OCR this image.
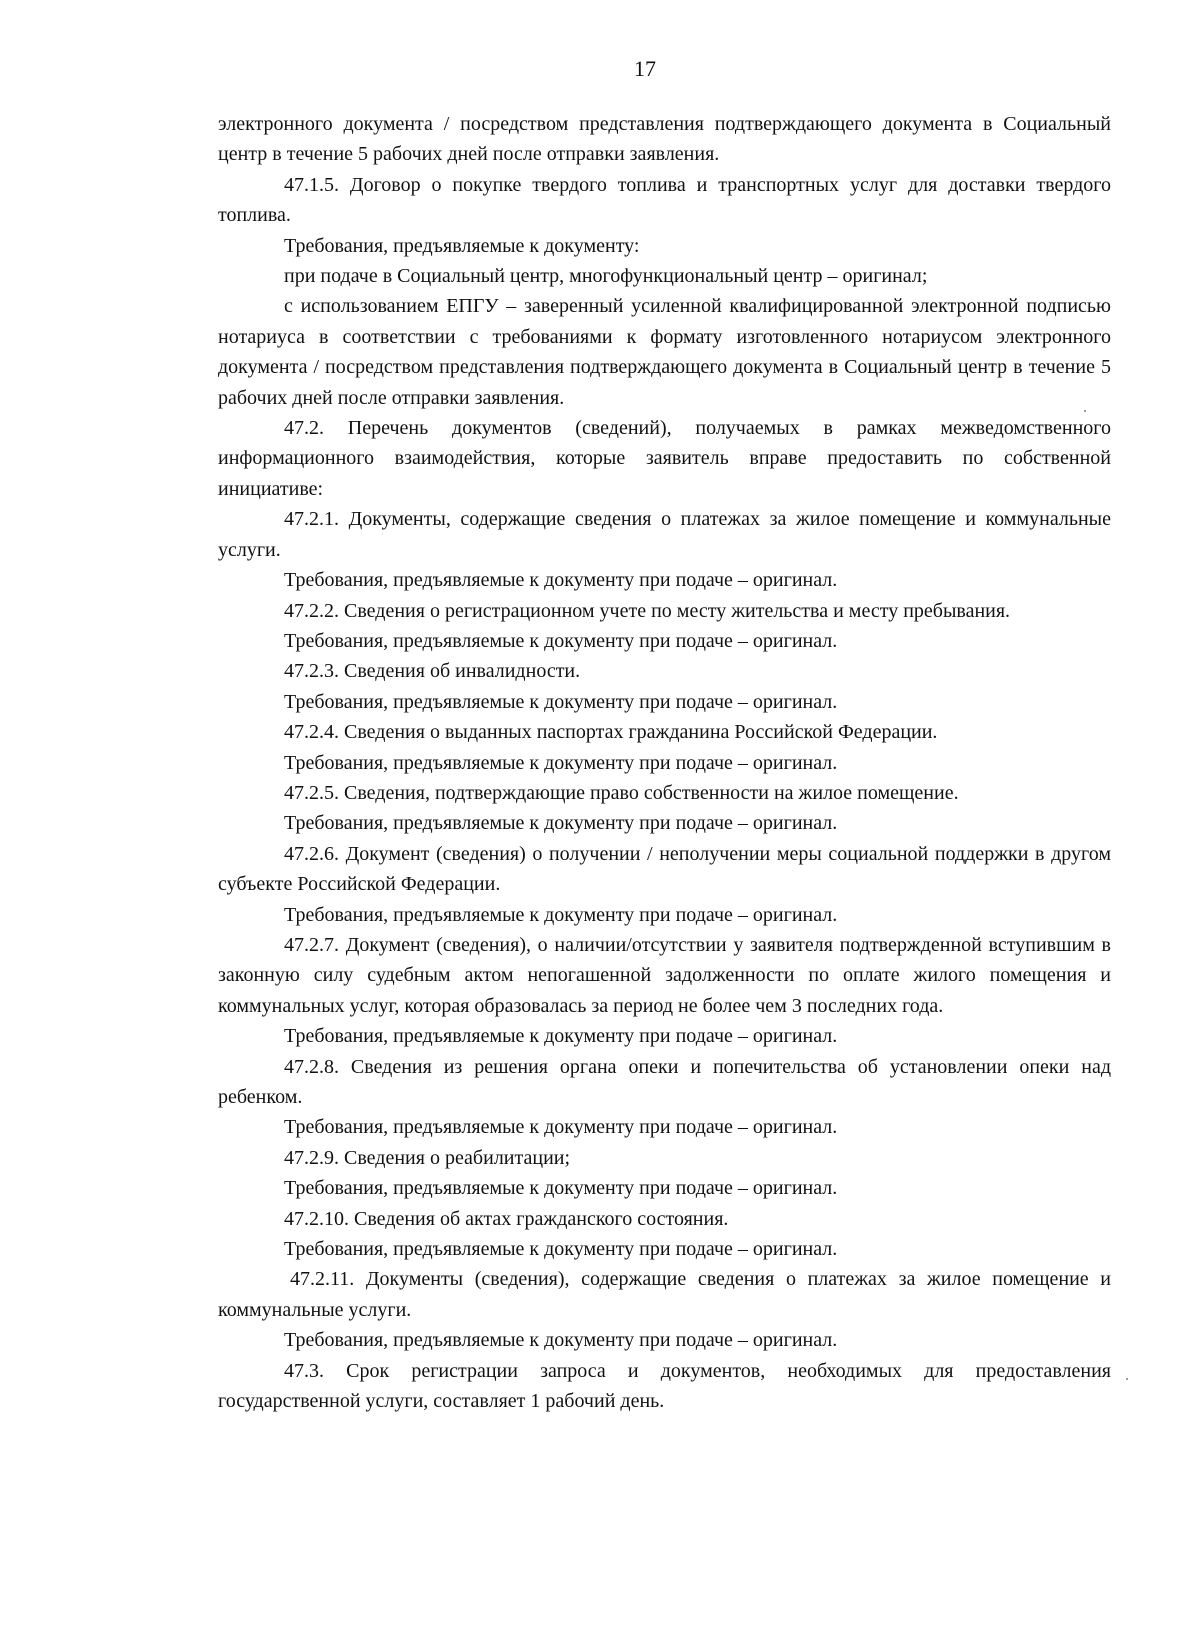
17

электронного документа / посредством представления подтверждающего документа в Социальный центр в течение 5 рабочих дней после отправки заявления.

47.1.5. Договор о покупке твердого топлива и транспортных услуг для доставки твердого топлива.

Требования, предъявляемые к документу:

при подаче в Социальный центр, многофункциональный центр – оригинал;

с использованием ЕПГУ – заверенный усиленной квалифицированной электронной подписью нотариуса в соответствии с требованиями к формату изготовленного нотариусом электронного документа / посредством представления подтверждающего документа в Социальный центр в течение 5 рабочих дней после отправки заявления.

47.2. Перечень документов (сведений), получаемых в рамках межведомственного информационного взаимодействия, которые заявитель вправе предоставить по собственной инициативе:

47.2.1. Документы, содержащие сведения о платежах за жилое помещение и коммунальные услуги.

Требования, предъявляемые к документу при подаче – оригинал.

47.2.2. Сведения о регистрационном учете по месту жительства и месту пребывания.

Требования, предъявляемые к документу при подаче – оригинал.

47.2.3. Сведения об инвалидности.

Требования, предъявляемые к документу при подаче – оригинал.

47.2.4. Сведения о выданных паспортах гражданина Российской Федерации.

Требования, предъявляемые к документу при подаче – оригинал.

47.2.5. Сведения, подтверждающие право собственности на жилое помещение.

Требования, предъявляемые к документу при подаче – оригинал.

47.2.6. Документ (сведения) о получении / неполучении меры социальной поддержки в другом субъекте Российской Федерации.

Требования, предъявляемые к документу при подаче – оригинал.

47.2.7. Документ (сведения), о наличии/отсутствии у заявителя подтвержденной вступившим в законную силу судебным актом непогашенной задолженности по оплате жилого помещения и коммунальных услуг, которая образовалась за период не более чем 3 последних года.

Требования, предъявляемые к документу при подаче – оригинал.

47.2.8. Сведения из решения органа опеки и попечительства об установлении опеки над ребенком.

Требования, предъявляемые к документу при подаче – оригинал.

47.2.9. Сведения о реабилитации;

Требования, предъявляемые к документу при подаче – оригинал.

47.2.10. Сведения об актах гражданского состояния.

Требования, предъявляемые к документу при подаче – оригинал.

47.2.11. Документы (сведения), содержащие сведения о платежах за жилое помещение и коммунальные услуги.

Требования, предъявляемые к документу при подаче – оригинал.

47.3. Срок регистрации запроса и документов, необходимых для предоставления государственной услуги, составляет 1 рабочий день.
